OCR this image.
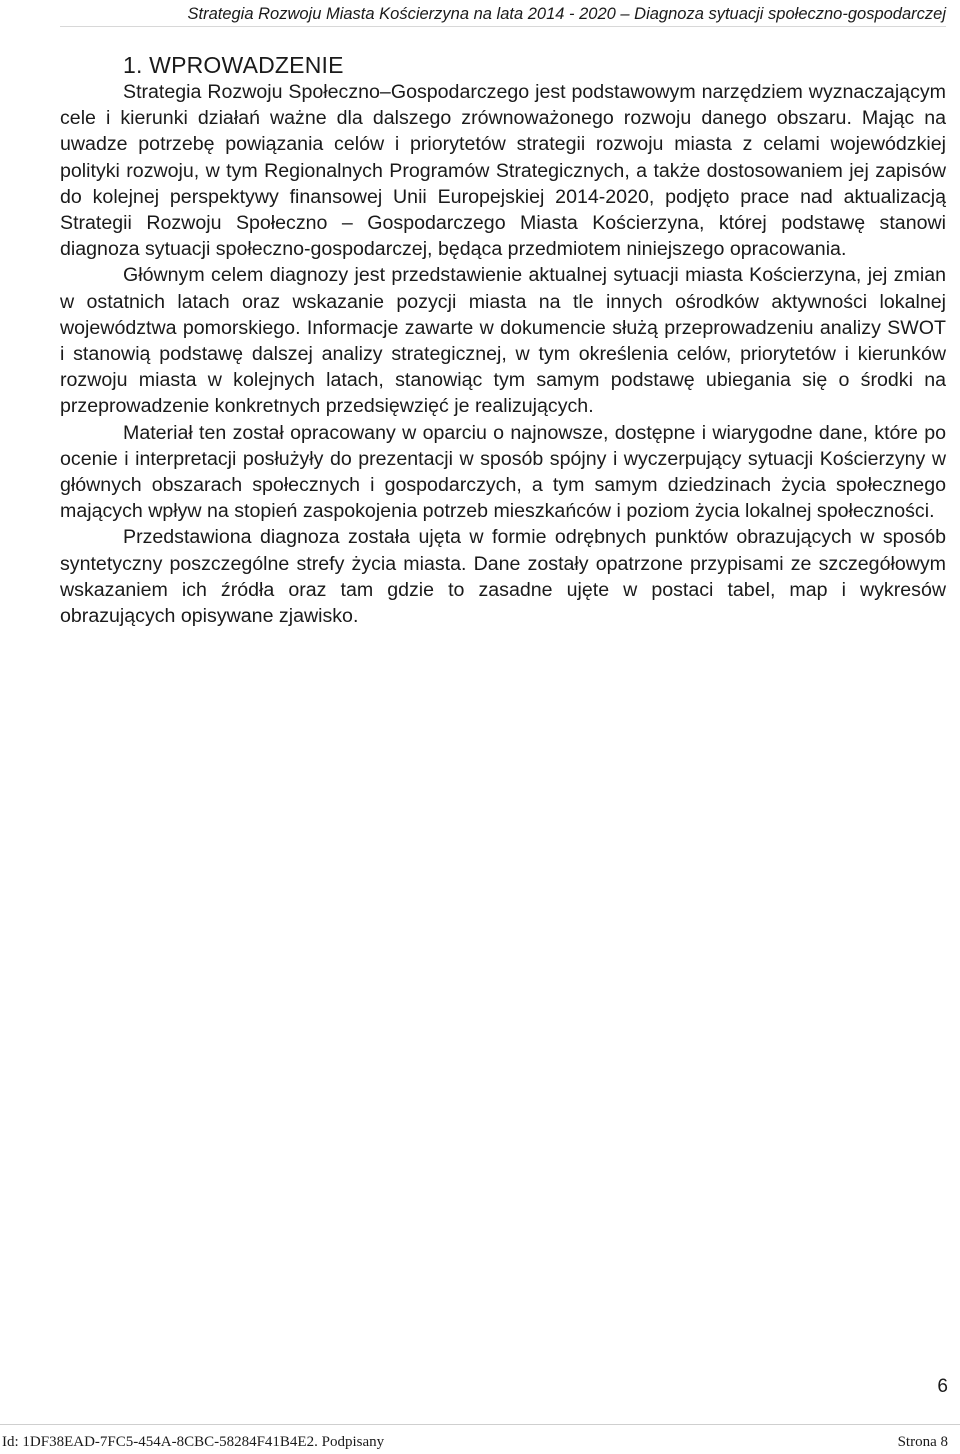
Strategia Rozwoju Miasta Kościerzyna na lata 2014 - 2020 – Diagnoza sytuacji społeczno-gospodarczej
1. WPROWADZENIE

Strategia Rozwoju Społeczno–Gospodarczego jest podstawowym narzędziem wyznaczającym cele i kierunki działań ważne dla dalszego zrównoważonego rozwoju danego obszaru. Mając na uwadze potrzebę powiązania celów i priorytetów strategii rozwoju miasta z celami wojewódzkiej polityki rozwoju, w tym Regionalnych Programów Strategicznych, a także dostosowaniem jej zapisów do kolejnej perspektywy finansowej Unii Europejskiej 2014-2020, podjęto prace nad aktualizacją Strategii Rozwoju Społeczno – Gospodarczego Miasta Kościerzyna, której podstawę stanowi diagnoza sytuacji społeczno-gospodarczej, będąca przedmiotem niniejszego opracowania.

Głównym celem diagnozy jest przedstawienie aktualnej sytuacji miasta Kościerzyna, jej zmian w ostatnich latach oraz wskazanie pozycji miasta na tle innych ośrodków aktywności lokalnej województwa pomorskiego. Informacje zawarte w dokumencie służą przeprowadzeniu analizy SWOT i stanowią podstawę dalszej analizy strategicznej, w tym określenia celów, priorytetów i kierunków rozwoju miasta w kolejnych latach, stanowiąc tym samym podstawę ubiegania się o środki na przeprowadzenie konkretnych przedsięwzięć je realizujących.

Materiał ten został opracowany w oparciu o najnowsze, dostępne i wiarygodne dane, które po ocenie i interpretacji posłużyły do prezentacji w sposób spójny i wyczerpujący sytuacji Kościerzyny w głównych obszarach społecznych i gospodarczych, a tym samym dziedzinach życia społecznego mających wpływ na stopień zaspokojenia potrzeb mieszkańców i poziom życia lokalnej społeczności.

Przedstawiona diagnoza została ujęta w formie odrębnych punktów obrazujących w sposób syntetyczny poszczególne strefy życia miasta. Dane zostały opatrzone przypisami ze szczegółowym wskazaniem ich źródła oraz tam gdzie to zasadne ujęte w postaci tabel, map i wykresów obrazujących opisywane zjawisko.

6
Id: 1DF38EAD-7FC5-454A-8CBC-58284F41B4E2. Podpisany	Strona 8
